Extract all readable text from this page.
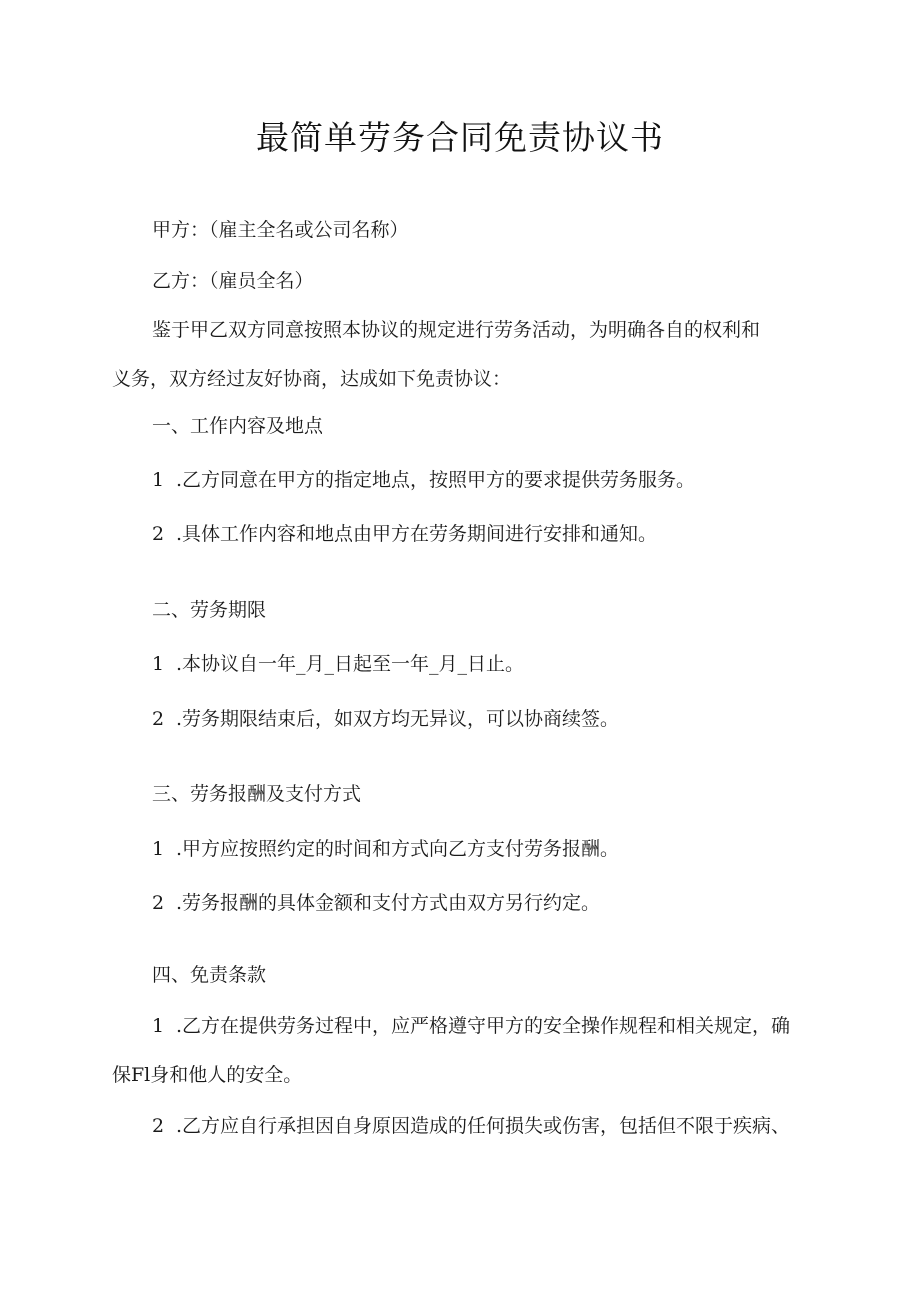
最简单劳务合同免责协议书

甲方：（雇主全名或公司名称）

乙方：（雇员全名）

鉴于甲乙双方同意按照本协议的规定进行劳务活动，为明确各自的权利和

义务，双方经过友好协商，达成如下免责协议：

一、工作内容及地点

1 .乙方同意在甲方的指定地点，按照甲方的要求提供劳务服务。

2 .具体工作内容和地点由甲方在劳务期间进行安排和通知。

二、劳务期限

1 .本协议自一年_月_日起至一年_月_日止。

2 .劳务期限结束后，如双方均无异议，可以协商续签。

三、劳务报酬及支付方式

1 .甲方应按照约定的时间和方式向乙方支付劳务报酬。

2 .劳务报酬的具体金额和支付方式由双方另行约定。

四、免责条款

1 .乙方在提供劳务过程中，应严格遵守甲方的安全操作规程和相关规定，确

保Fl身和他人的安全。

2 .乙方应自行承担因自身原因造成的任何损失或伤害，包括但不限于疾病、
